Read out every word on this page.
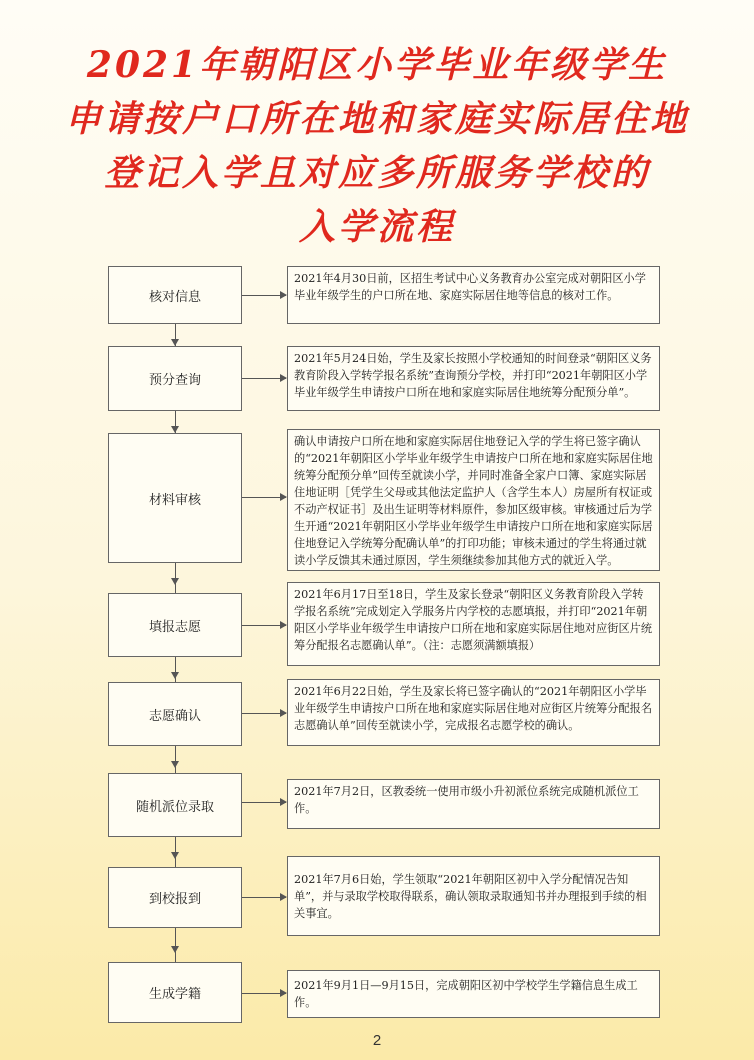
2021年朝阳区小学毕业年级学生
申请按户口所在地和家庭实际居住地
登记入学且对应多所服务学校的
入学流程
核对信息
2021年4月30日前，区招生考试中心义务教育办公室完成对朝阳区小学毕业年级学生的户口所在地、家庭实际居住地等信息的核对工作。
预分查询
2021年5月24日始，学生及家长按照小学校通知的时间登录“朝阳区义务教育阶段入学转学报名系统”查询预分学校，并打印“2021年朝阳区小学毕业年级学生申请按户口所在地和家庭实际居住地统筹分配预分单”。
材料审核
确认申请按户口所在地和家庭实际居住地登记入学的学生将已签字确认的“2021年朝阳区小学毕业年级学生申请按户口所在地和家庭实际居住地统筹分配预分单”回传至就读小学，并同时准备全家户口簿、家庭实际居住地证明［凭学生父母或其他法定监护人（含学生本人）房屋所有权证或不动产权证书］及出生证明等材料原件，参加区级审核。审核通过后为学生开通“2021年朝阳区小学毕业年级学生申请按户口所在地和家庭实际居住地登记入学统筹分配确认单”的打印功能；审核未通过的学生将通过就读小学反馈其未通过原因，学生须继续参加其他方式的就近入学。
填报志愿
2021年6月17日至18日，学生及家长登录“朝阳区义务教育阶段入学转学报名系统”完成划定入学服务片内学校的志愿填报，并打印“2021年朝阳区小学毕业年级学生申请按户口所在地和家庭实际居住地对应街区片统筹分配报名志愿确认单”。（注：志愿须满额填报）
志愿确认
2021年6月22日始，学生及家长将已签字确认的“2021年朝阳区小学毕业年级学生申请按户口所在地和家庭实际居住地对应街区片统筹分配报名志愿确认单”回传至就读小学，完成报名志愿学校的确认。
随机派位录取
2021年7月2日，区教委统一使用市级小升初派位系统完成随机派位工作。
到校报到
2021年7月6日始，学生领取“2021年朝阳区初中入学分配情况告知单”，并与录取学校取得联系，确认领取录取通知书并办理报到手续的相关事宜。
生成学籍
2021年9月1日—9月15日，完成朝阳区初中学校学生学籍信息生成工作。
2
